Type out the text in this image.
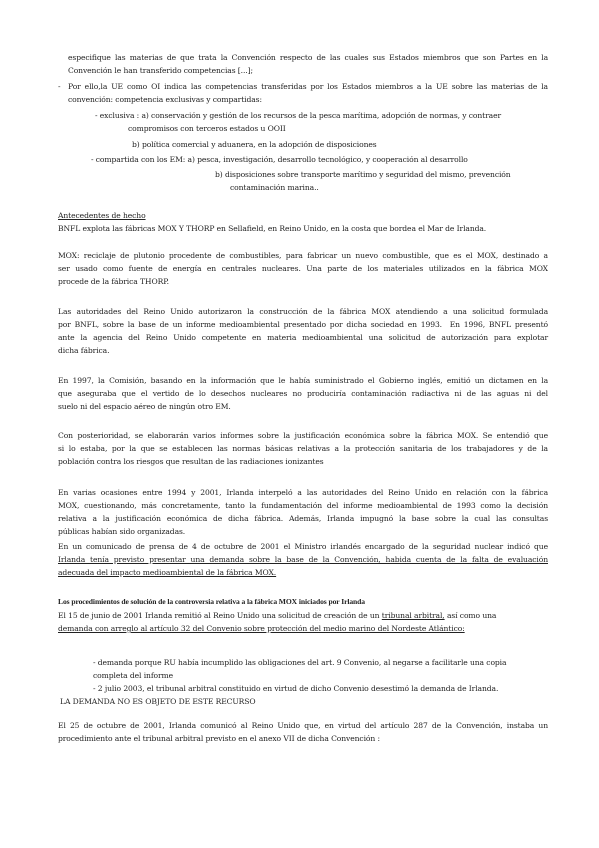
especifique las materias de que trata la Convención respecto de las cuales sus Estados miembros que son Partes en la
Convención le han transferido competencias [...];
- Por ello,la UE como OI indica las competencias transferidas por los Estados miembros a la UE sobre las materias de la
convención: competencia exclusivas y compartidas:
- exclusiva : a) conservación y gestión de los recursos de la pesca marítima, adopción de normas, y contraer
compromisos con terceros estados u OOII
b) política comercial y aduanera, en la adopción de disposiciones
- compartida con los EM: a) pesca, investigación, desarrollo tecnológico, y cooperación al desarrollo
b) disposiciones sobre transporte marítimo y seguridad del mismo, prevención
contaminación marina..
Antecedentes de hecho
BNFL explota las fábricas MOX Y THORP en Sellafield, en Reino Unido, en la costa que bordea el Mar de Irlanda.
MOX: reciclaje de plutonio procedente de combustibles, para fabricar un nuevo combustible, que es el MOX, destinado a
ser usado como fuente de energía en centrales nucleares. Una parte de los materiales utilizados en la fábrica MOX
procede de la fábrica THORP.
Las autoridades del Reino Unido autorizaron la construcción de la fábrica MOX atendiendo a una solicitud formulada
por BNFL, sobre la base de un informe medioambiental presentado por dicha sociedad en 1993.  En 1996, BNFL presentó
ante la agencia del Reino Unido competente en materia medioambiental una solicitud de autorización para explotar
dicha fábrica.
En 1997, la Comisión, basando en la información que le había suministrado el Gobierno inglés, emitió un dictamen en la
que aseguraba que el vertido de lo desechos nucleares no produciría contaminación radiactiva ni de las aguas ni del
suelo ni del espacio aéreo de ningún otro EM.
Con posterioridad, se elaborarán varios informes sobre la justificación económica sobre la fábrica MOX. Se entendió que
si lo estaba, por la que se establecen las normas básicas relativas a la protección sanitaria de los trabajadores y de la
población contra los riesgos que resultan de las radiaciones ionizantes
En varias ocasiones entre 1994 y 2001, Irlanda interpeló a las autoridades del Reino Unido en relación con la fábrica
MOX, cuestionando, más concretamente, tanto la fundamentación del informe medioambiental de 1993 como la decisión
relativa a la justificación económica de dicha fábrica. Además, Irlanda impugnó la base sobre la cual las consultas
públicas habían sido organizadas.
En un comunicado de prensa de 4 de octubre de 2001 el Ministro irlandés encargado de la seguridad nuclear indicó que
Irlanda tenía previsto presentar una demanda sobre la base de la Convención, habida cuenta de la falta de evaluación
adecuada del impacto medioambiental de la fábrica MOX.
Los procedimientos de solución de la controversia relativa a la fábrica MOX iniciados por Irlanda
El 15 de junio de 2001 Irlanda remitió al Reino Unido una solicitud de creación de un tribunal arbitral, así como una
demanda con arreglo al artículo 32 del Convenio sobre protección del medio marino del Nordeste Atlántico:
- demanda porque RU había incumplido las obligaciones del art. 9 Convenio, al negarse a facilitarle una copia
completa del informe
- 2 julio 2003, el tribunal arbitral constituido en virtud de dicho Convenio desestimó la demanda de Irlanda.
LA DEMANDA NO ES OBJETO DE ESTE RECURSO
El 25 de octubre de 2001, Irlanda comunicó al Reino Unido que, en virtud del artículo 287 de la Convención, instaba un
procedimiento ante el tribunal arbitral previsto en el anexo VII de dicha Convención :
